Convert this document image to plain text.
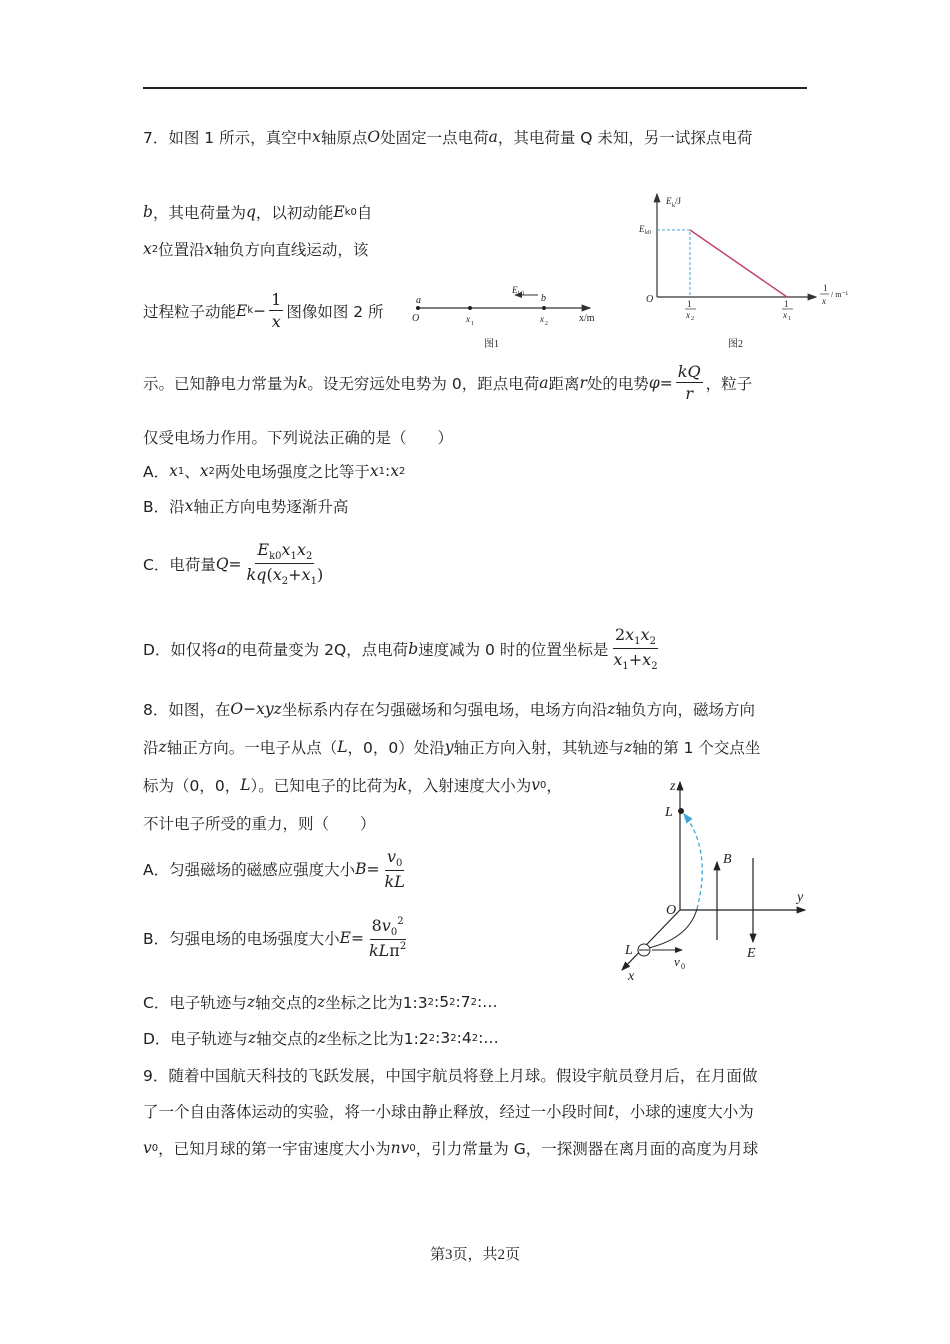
7．如图 1 所示，真空中 x 轴原点 O 处固定一点电荷 a ，其电荷量 Q 未知，另一试探点电荷
b ，其电荷量为 q ，以初动能 E k0 自
x 2 位置沿 x 轴负方向直线运动，该
过程粒子动能 E $k - \frac{1}{x}$ 图像如图 2 所
示。已知静电力常量为 k 。设无穷远处电势为 0，距点电荷 a 距离 r 处的电势 $\varphi = \frac{kQ}{r}$ ，粒子
仅受电场力作用。下列说法正确的是（　　）
A． x 1 、 x 2 两处电场强度之比等于 x 1 : x 2
B．沿 x 轴正方向电势逐渐升高
C．电荷量 $Q = \frac{E_{k0}x_1x_2}{kq(x_2+x_1)}$
D．如仅将 a 的电荷量变为 2Q，点电荷 b 速度减为 0 时的位置坐标是 $\frac{2x_1x_2}{x_1+x_2}$
8．如图，在 O − xyz 坐标系内存在匀强磁场和匀强电场，电场方向沿 z 轴负方向，磁场方向
沿 z 轴正方向。一电子从点（ L ，0，0）处沿 y 轴正方向入射，其轨迹与 z 轴的第 1 个交点坐
标为（0，0， L ）。已知电子的比荷为 k ，入射速度大小为 v 0 ，
不计电子所受的重力，则（　　）
A．匀强磁场的磁感应强度大小 $B = \frac{v_0}{kL}$
B．匀强电场的电场强度大小 $E = \frac{8v_0^2}{kL\pi^2}$
C．电子轨迹与 z 轴交点的 z 坐标之比为1:3 2 :5 2 :7 2 :…
D．电子轨迹与 z 轴交点的 z 坐标之比为1:2 2 :3 2 :4 2 :…
9．随着中国航天科技的飞跃发展，中国宇航员将登上月球。假设宇航员登月后，在月面做
了一个自由落体运动的实验，将一小球由静止释放，经过一小段时间 t ，小球的速度大小为
v 0 ，已知月球的第一宇宙速度大小为 n v 0 ，引力常量为 G，一探测器在离月面的高度为月球
a
O	x 1	x 2	x/m
E k0 b
图1
E k /J
E k0
O	1
x 2
1
x 1
1
x
/ m⁻¹
图2
z
L
B
y
O
L	E
v 0
x
第3页，共2页
